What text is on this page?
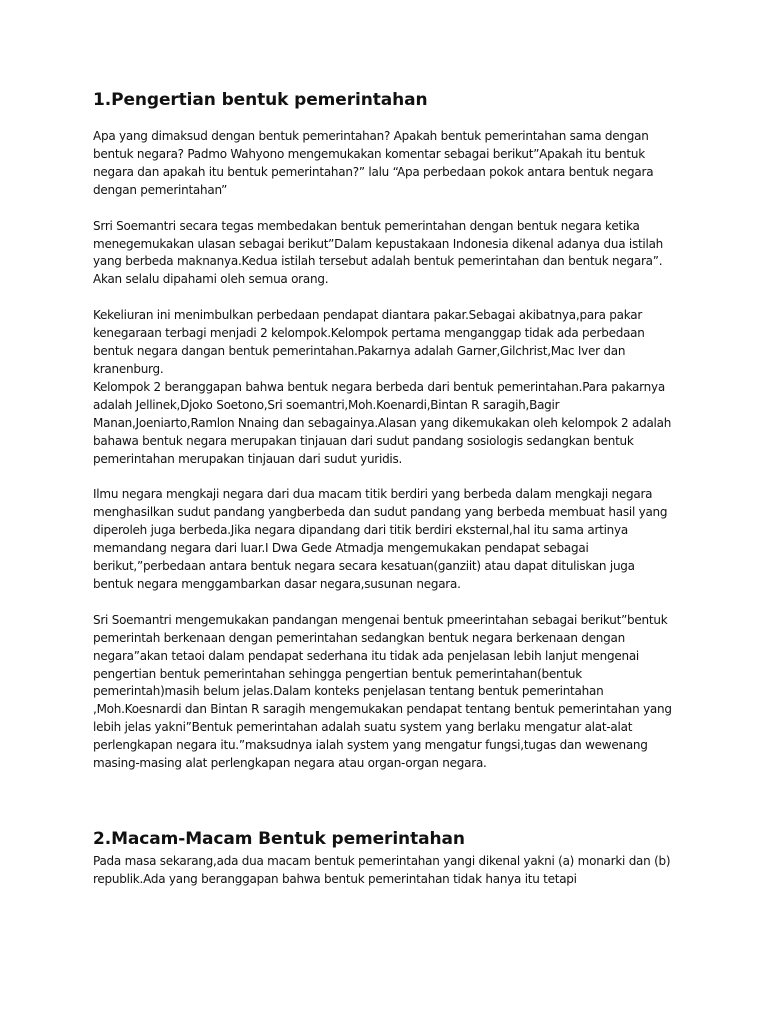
1.Pengertian bentuk pemerintahan

Apa yang dimaksud dengan bentuk pemerintahan? Apakah bentuk pemerintahan sama dengan bentuk negara? Padmo Wahyono mengemukakan komentar sebagai berikut”Apakah itu bentuk negara dan apakah itu bentuk pemerintahan?” lalu “Apa perbedaan pokok antara bentuk negara dengan pemerintahan”

Srri Soemantri secara tegas membedakan bentuk pemerintahan dengan bentuk negara ketika menegemukakan ulasan sebagai berikut”Dalam kepustakaan Indonesia dikenal adanya dua istilah yang berbeda maknanya.Kedua istilah tersebut adalah bentuk pemerintahan dan bentuk negara”. Akan selalu dipahami oleh semua orang.

Kekeliuran ini menimbulkan perbedaan pendapat diantara pakar.Sebagai akibatnya,para pakar kenegaraan terbagi menjadi 2 kelompok.Kelompok pertama menganggap tidak ada perbedaan bentuk negara dangan bentuk pemerintahan.Pakarnya adalah Garner,Gilchrist,Mac Iver dan kranenburg.

Kelompok 2 beranggapan bahwa bentuk negara berbeda dari bentuk pemerintahan.Para pakarnya adalah Jellinek,Djoko Soetono,Sri soemantri,Moh.Koenardi,Bintan R saragih,Bagir Manan,Joeniarto,Ramlon Nnaing dan sebagainya.Alasan yang dikemukakan oleh kelompok 2 adalah bahawa bentuk negara merupakan tinjauan dari sudut pandang sosiologis sedangkan bentuk pemerintahan merupakan tinjauan dari sudut yuridis.

Ilmu negara mengkaji negara dari dua macam titik berdiri yang berbeda dalam mengkaji negara menghasilkan sudut pandang yangberbeda dan sudut pandang yang berbeda membuat hasil yang diperoleh juga berbeda.Jika negara dipandang dari titik berdiri eksternal,hal itu sama artinya memandang negara dari luar.I Dwa Gede Atmadja mengemukakan pendapat sebagai berikut,”perbedaan antara bentuk negara secara kesatuan(ganziit) atau dapat dituliskan juga bentuk negara menggambarkan dasar negara,susunan negara.

Sri Soemantri mengemukakan pandangan mengenai bentuk pmeerintahan sebagai berikut”bentuk pemerintah berkenaan dengan pemerintahan sedangkan bentuk negara berkenaan dengan negara”akan tetaoi dalam pendapat sederhana itu tidak ada penjelasan lebih lanjut mengenai pengertian bentuk pemerintahan sehingga pengertian bentuk pemerintahan(bentuk pemerintah)masih belum jelas.Dalam konteks penjelasan tentang bentuk pemerintahan ,Moh.Koesnardi dan Bintan R saragih mengemukakan pendapat tentang bentuk pemerintahan yang lebih jelas yakni”Bentuk pemerintahan adalah suatu system yang berlaku mengatur alat-alat perlengkapan negara itu.”maksudnya ialah system yang mengatur fungsi,tugas dan wewenang masing-masing alat perlengkapan negara atau organ-organ negara.

2.Macam-Macam Bentuk pemerintahan

Pada masa sekarang,ada dua macam bentuk pemerintahan yangi dikenal yakni (a) monarki dan (b) republik.Ada yang beranggapan bahwa bentuk pemerintahan tidak hanya itu tetapi
